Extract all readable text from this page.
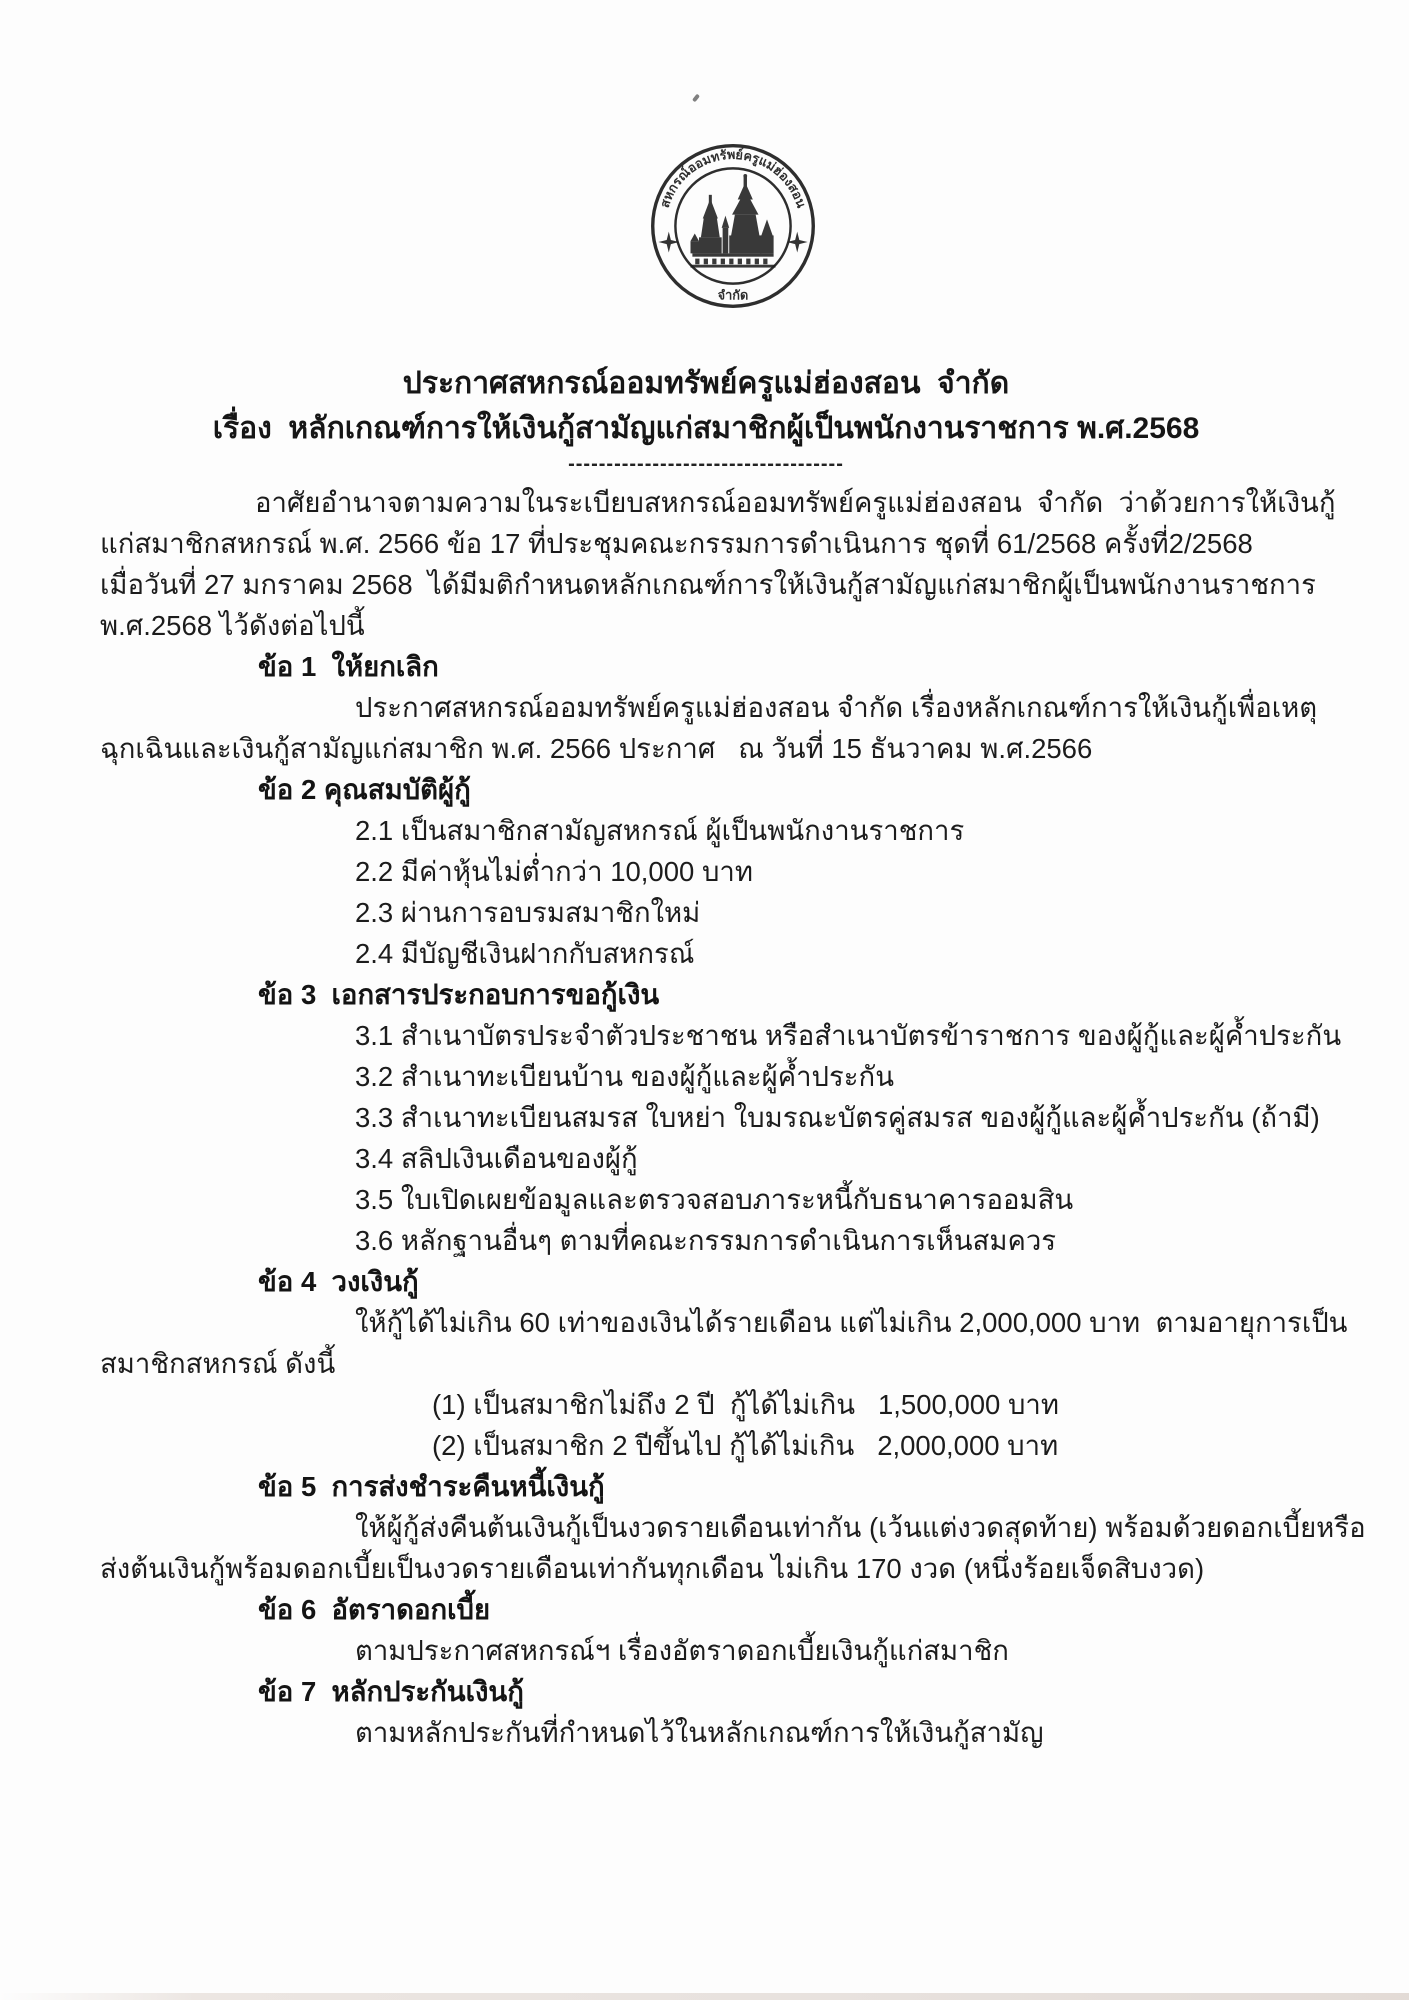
สหกรณ์ออมทรัพย์ครูแม่ฮ่องสอน
จำกัด
ประกาศสหกรณ์ออมทรัพย์ครูแม่ฮ่องสอน  จำกัด
เรื่อง  หลักเกณฑ์การให้เงินกู้สามัญแก่สมาชิกผู้เป็นพนักงานราชการ พ.ศ.2568
------------------------------------

อาศัยอำนาจตามความในระเบียบสหกรณ์ออมทรัพย์ครูแม่ฮ่องสอน  จำกัด  ว่าด้วยการให้เงินกู้

แก่สมาชิกสหกรณ์ พ.ศ. 2566 ข้อ 17 ที่ประชุมคณะกรรมการดำเนินการ ชุดที่ 61/2568 ครั้งที่2/2568

เมื่อวันที่ 27 มกราคม 2568  ได้มีมติกำหนดหลักเกณฑ์การให้เงินกู้สามัญแก่สมาชิกผู้เป็นพนักงานราชการ

พ.ศ.2568 ไว้ดังต่อไปนี้

ข้อ 1  ให้ยกเลิก

ประกาศสหกรณ์ออมทรัพย์ครูแม่ฮ่องสอน จำกัด เรื่องหลักเกณฑ์การให้เงินกู้เพื่อเหตุ

ฉุกเฉินและเงินกู้สามัญแก่สมาชิก พ.ศ. 2566 ประกาศ   ณ วันที่ 15 ธันวาคม พ.ศ.2566

ข้อ 2 คุณสมบัติผู้กู้

2.1 เป็นสมาชิกสามัญสหกรณ์ ผู้เป็นพนักงานราชการ

2.2 มีค่าหุ้นไม่ต่ำกว่า 10,000 บาท

2.3 ผ่านการอบรมสมาชิกใหม่

2.4 มีบัญชีเงินฝากกับสหกรณ์

ข้อ 3  เอกสารประกอบการขอกู้เงิน

3.1 สำเนาบัตรประจำตัวประชาชน หรือสำเนาบัตรข้าราชการ ของผู้กู้และผู้ค้ำประกัน

3.2 สำเนาทะเบียนบ้าน ของผู้กู้และผู้ค้ำประกัน

3.3 สำเนาทะเบียนสมรส ใบหย่า ใบมรณะบัตรคู่สมรส ของผู้กู้และผู้ค้ำประกัน (ถ้ามี)

3.4 สลิปเงินเดือนของผู้กู้

3.5 ใบเปิดเผยข้อมูลและตรวจสอบภาระหนี้กับธนาคารออมสิน

3.6 หลักฐานอื่นๆ ตามที่คณะกรรมการดำเนินการเห็นสมควร

ข้อ 4  วงเงินกู้

ให้กู้ได้ไม่เกิน 60 เท่าของเงินได้รายเดือน แต่ไม่เกิน 2,000,000 บาท  ตามอายุการเป็น

สมาชิกสหกรณ์ ดังนี้

(1) เป็นสมาชิกไม่ถึง 2 ปี  กู้ได้ไม่เกิน   1,500,000 บาท

(2) เป็นสมาชิก 2 ปีขึ้นไป กู้ได้ไม่เกิน   2,000,000 บาท

ข้อ 5  การส่งชำระคืนหนี้เงินกู้

ให้ผู้กู้ส่งคืนต้นเงินกู้เป็นงวดรายเดือนเท่ากัน (เว้นแต่งวดสุดท้าย) พร้อมด้วยดอกเบี้ยหรือ

ส่งต้นเงินกู้พร้อมดอกเบี้ยเป็นงวดรายเดือนเท่ากันทุกเดือน ไม่เกิน 170 งวด (หนึ่งร้อยเจ็ดสิบงวด)

ข้อ 6  อัตราดอกเบี้ย

ตามประกาศสหกรณ์ฯ เรื่องอัตราดอกเบี้ยเงินกู้แก่สมาชิก

ข้อ 7  หลักประกันเงินกู้

ตามหลักประกันที่กำหนดไว้ในหลักเกณฑ์การให้เงินกู้สามัญ
